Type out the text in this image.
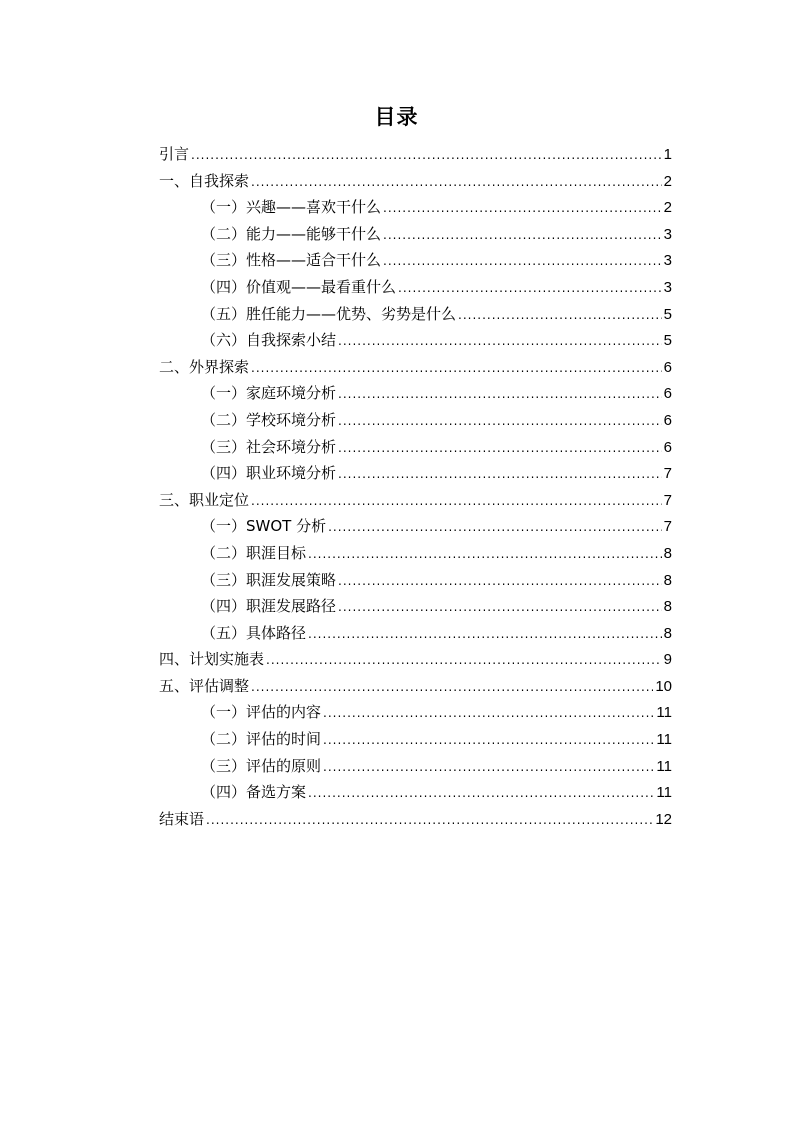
目录
引言 .....	1
一、自我探索 .....	2
（一）兴趣——喜欢干什么 .....	2
（二）能力——能够干什么 .....	3
（三）性格——适合干什么 .....	3
（四）价值观——最看重什么 .....	3
（五）胜任能力——优势、劣势是什么 .....	5
（六）自我探索小结 .....	5
二、外界探索 .....	6
（一）家庭环境分析 .....	6
（二）学校环境分析 .....	6
（三）社会环境分析 .....	6
（四）职业环境分析 .....	7
三、职业定位 .....	7
（一）SWOT 分析 .....	7
（二）职涯目标 .....	8
（三）职涯发展策略 .....	8
（四）职涯发展路径 .....	8
（五）具体路径 .....	8
四、计划实施表 .....	9
五、评估调整 .....	10
（一）评估的内容 .....	11
（二）评估的时间 .....	11
（三）评估的原则 .....	11
（四）备选方案 .....	11
结束语 .....	12
